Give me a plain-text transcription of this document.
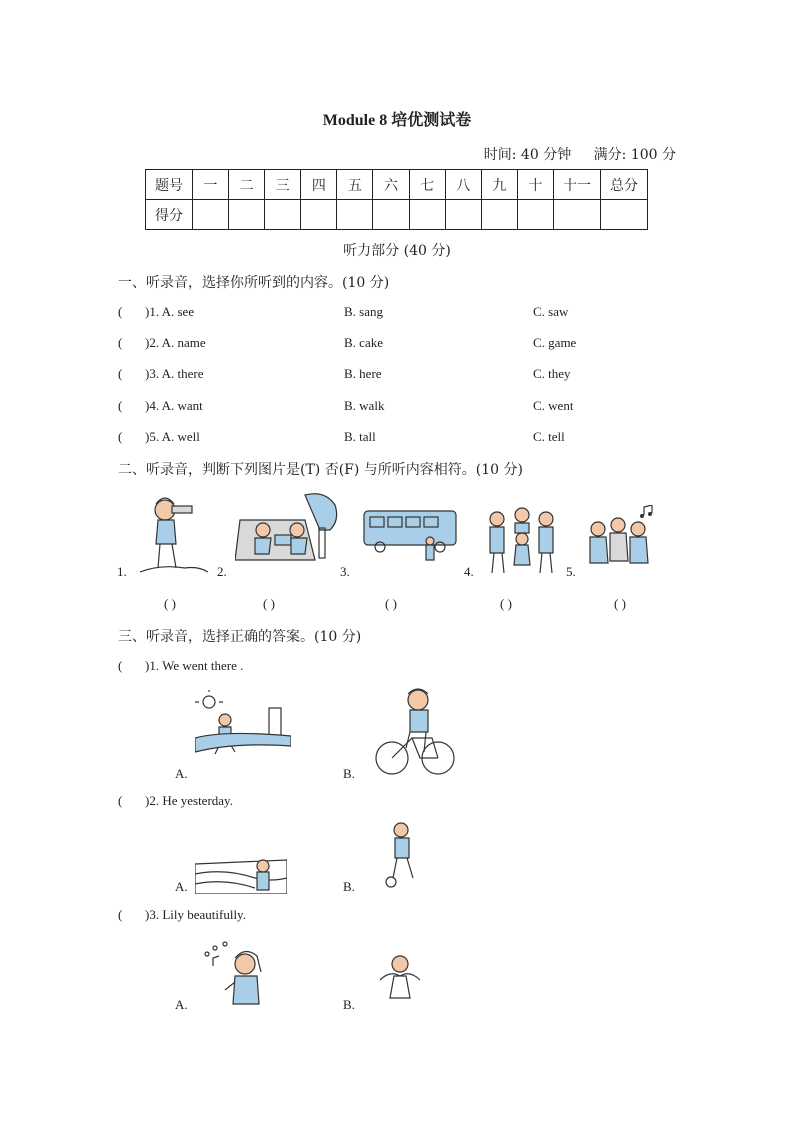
Module 8 培优测试卷
时间: 40 分钟 满分: 100 分
题号	一	二	三	四	五	六	七	八	九	十	十一	总分
得分												
听力部分 (40 分)
一、听录音，选择你所听到的内容。(10 分)
( )1. A. see	B. sang	C. saw
( )2. A. name	B. cake	C. game
( )3. A. there	B. here	C. they
( )4. A. want	B. walk	C. went
( )5. A. well	B. tall	C. tell
二、听录音，判断下列图片是(T) 否(F) 与所听内容相符。(10 分)
1.	2.	3.	4.	5.
( )	( )	( )	( )	( )
三、听录音，选择正确的答案。(10 分)
( )1. We went there .
A.	B.
( )2. He yesterday.
A.	B.
( )3. Lily beautifully.
A.	B.
